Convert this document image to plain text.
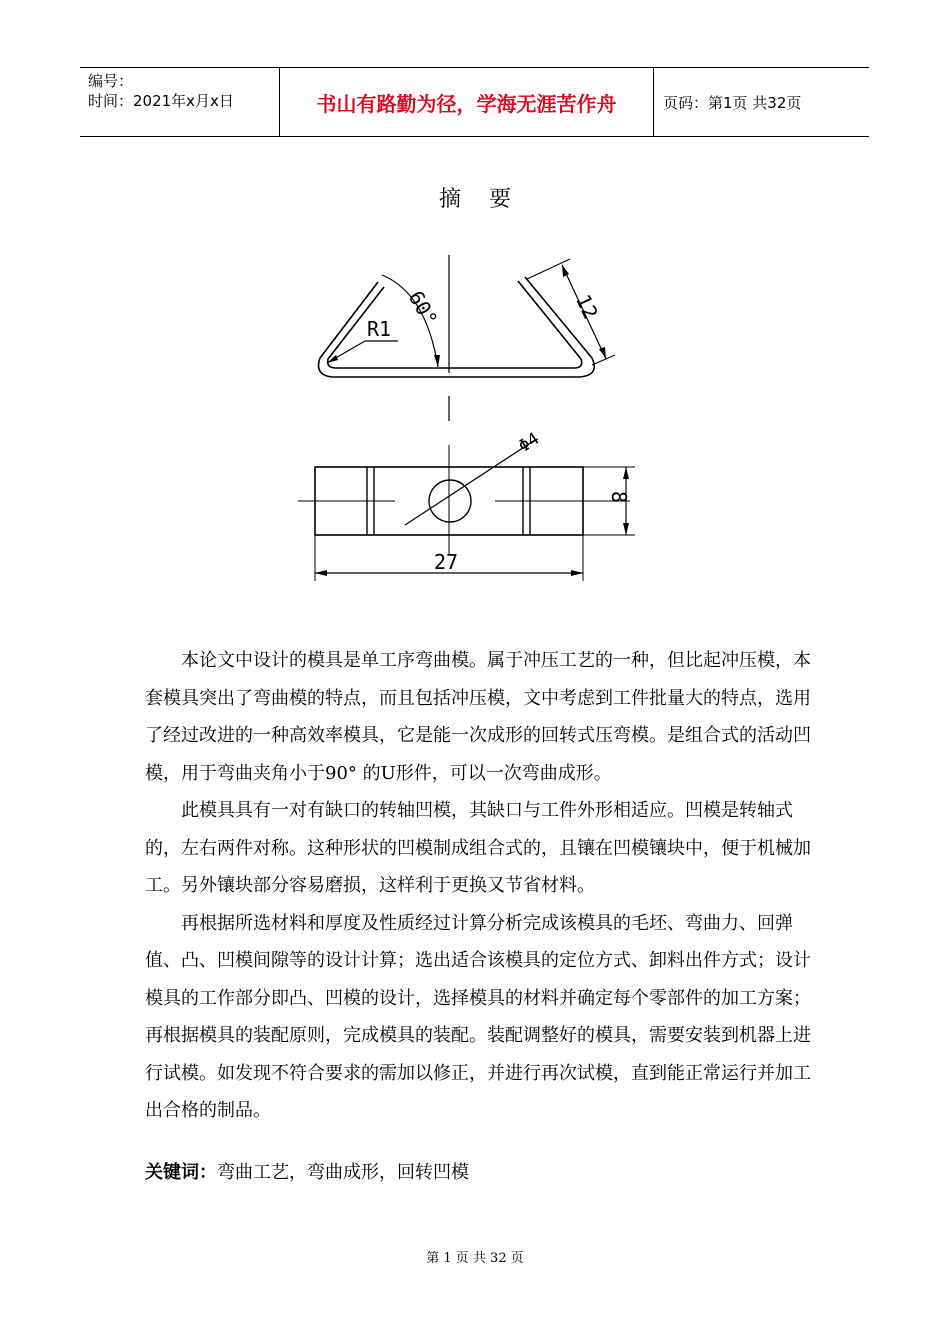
编号：
时间：2021年x月x日	书山有路勤为径，学海无涯苦作舟	页码：第1页 共32页
摘要
60°
R1
12
Φ4
8
27

本论文中设计的模具是单工序弯曲模。属于冲压工艺的一种，但比起冲压模，本套模具突出了弯曲模的特点，而且包括冲压模，文中考虑到工件批量大的特点，选用了经过改进的一种高效率模具，它是能一次成形的回转式压弯模。是组合式的活动凹模，用于弯曲夹角小于90° 的U形件，可以一次弯曲成形。

此模具具有一对有缺口的转轴凹模，其缺口与工件外形相适应。凹模是转轴式的，左右两件对称。这种形状的凹模制成组合式的，且镶在凹模镶块中，便于机械加工。另外镶块部分容易磨损，这样利于更换又节省材料。

再根据所选材料和厚度及性质经过计算分析完成该模具的毛坯、弯曲力、回弹值、凸、凹模间隙等的设计计算；选出适合该模具的定位方式、卸料出件方式；设计模具的工作部分即凸、凹模的设计，选择模具的材料并确定每个零部件的加工方案；再根据模具的装配原则，完成模具的装配。装配调整好的模具，需要安装到机器上进行试模。如发现不符合要求的需加以修正，并进行再次试模，直到能正常运行并加工出合格的制品。

关键词：弯曲工艺，弯曲成形，回转凹模
第 1 页 共 32 页
